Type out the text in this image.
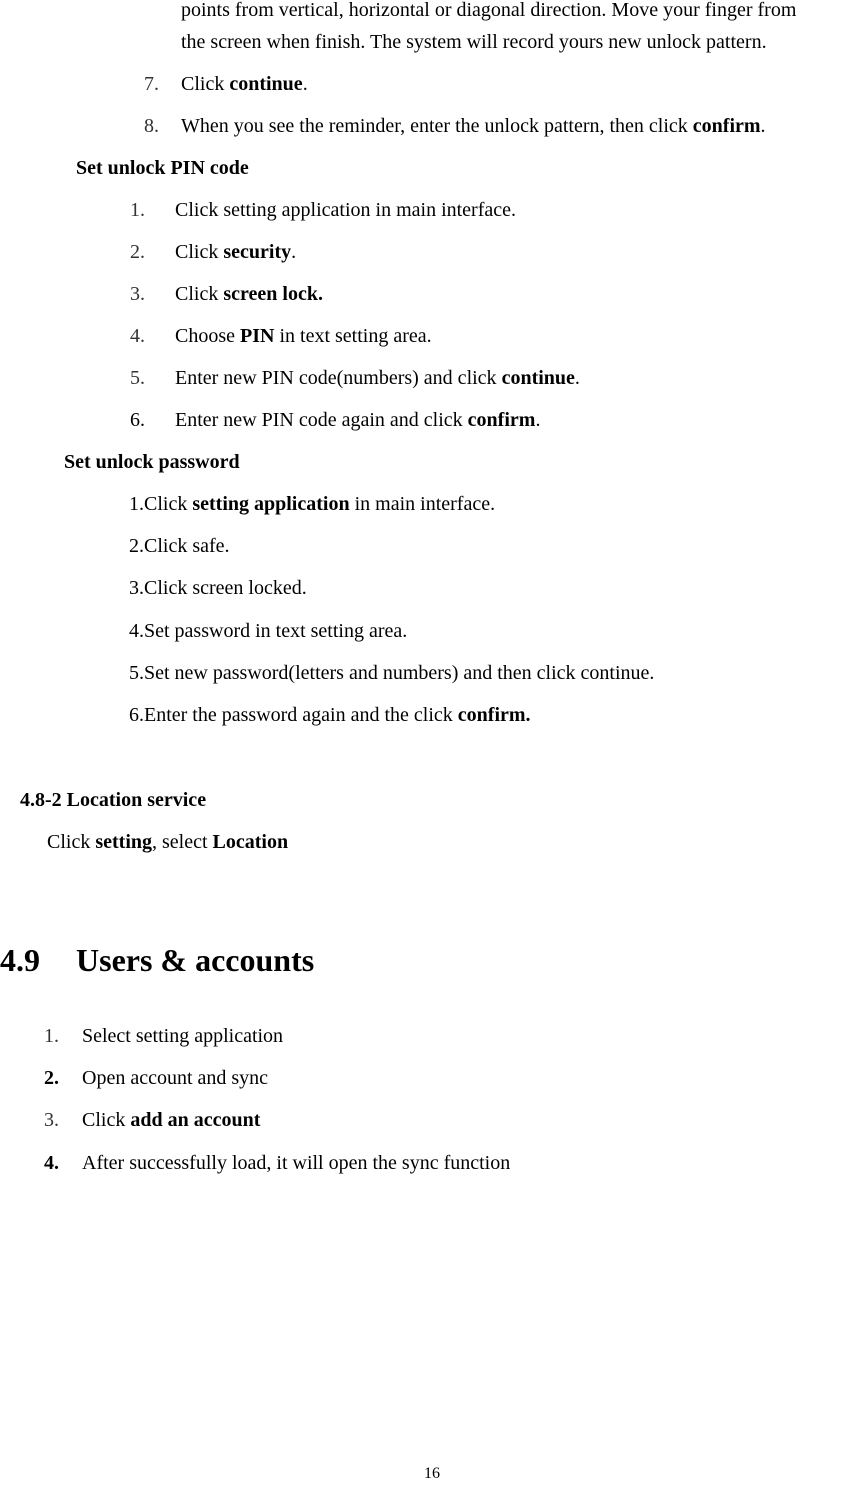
points from vertical, horizontal or diagonal direction. Move your finger from
the screen when finish. The system will record yours new unlock pattern.
7. Click continue.
8. When you see the reminder, enter the unlock pattern, then click confirm.
Set unlock PIN code
1. Click setting application in main interface.
2. Click security.
3. Click screen lock.
4. Choose PIN in text setting area.
5. Enter new PIN code(numbers) and click continue.
6. Enter new PIN code again and click confirm.
Set unlock password
1.Click setting application in main interface.
2.Click safe.
3.Click screen locked.
4.Set password in text setting area.
5.Set new password(letters and numbers) and then click continue.
6.Enter the password again and the click confirm.
4.8-2 Location service
Click setting, select Location
4.9 Users & accounts
1. Select setting application
2. Open account and sync
3. Click add an account
4. After successfully load, it will open the sync function
16
